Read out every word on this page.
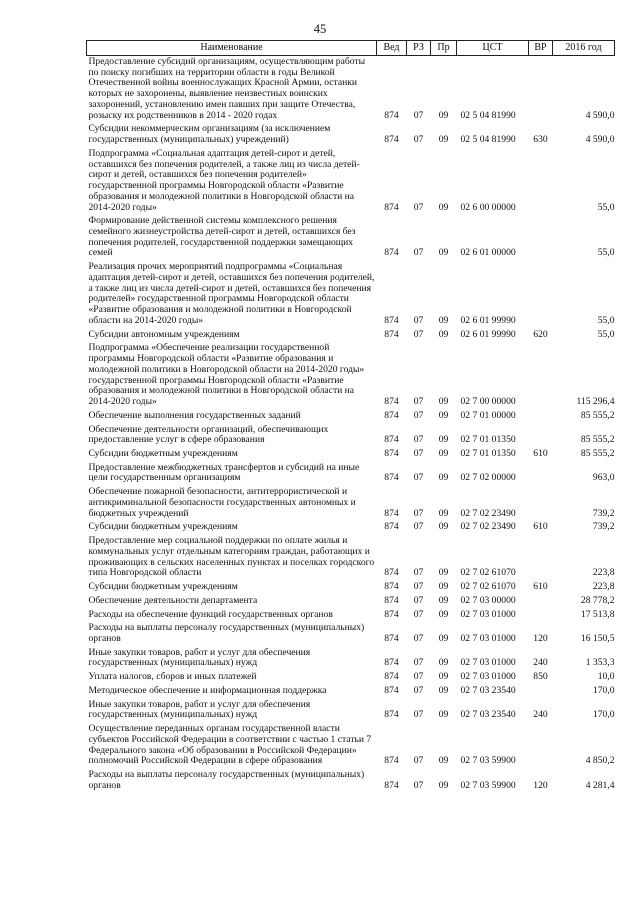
45
Наименование	Вед	РЗ	Пр	ЦСТ	ВР	2016 год
Предоставление субсидий организациям, осуществляющим работы по поиску погибших на территории области в годы Великой Отечественной войны военнослужащих Красной Армии, останки которых не захоронены, выявление неизвестных воинских захоронений, установлению имен павших при защите Отечества, розыску их родственников в 2014 - 2020 годах	874	07	09	02 5 04 81990		4 590,0
Субсидии некоммерческим организациям (за исключением государственных (муниципальных) учреждений)	874	07	09	02 5 04 81990	630	4 590,0
Подпрограмма «Социальная адаптация детей-сирот и детей, оставшихся без попечения родителей, а также лиц из числа детей-сирот и детей, оставшихся без попечения родителей» государственной программы Новгородской области «Развитие образования и молодежной политики в Новгородской области на 2014-2020 годы»	874	07	09	02 6 00 00000		55,0
Формирование действенной системы комплексного решения семейного жизнеустройства детей-сирот и детей, оставшихся без попечения родителей, государственной поддержки замещающих семей	874	07	09	02 6 01 00000		55,0
Реализация прочих мероприятий подпрограммы «Социальная адаптация детей-сирот и детей, оставшихся без попечения родителей, а также лиц из числа детей-сирот и детей, оставшихся без попечения родителей» государственной программы Новгородской области «Развитие образования и молодежной политики в Новгородской области на 2014-2020 годы»	874	07	09	02 6 01 99990		55,0
Субсидии автономным учреждениям	874	07	09	02 6 01 99990	620	55,0
Подпрограмма «Обеспечение реализации государственной программы Новгородской области «Развитие образования и молодежной политики в Новгородской области на 2014-2020 годы» государственной программы Новгородской области «Развитие образования и молодежной политики в Новгородской области на 2014-2020 годы»	874	07	09	02 7 00 00000		115 296,4
Обеспечение выполнения государственных заданий	874	07	09	02 7 01 00000		85 555,2
Обеспечение деятельности организаций, обеспечивающих предоставление услуг в сфере образования	874	07	09	02 7 01 01350		85 555,2
Субсидии бюджетным учреждениям	874	07	09	02 7 01 01350	610	85 555,2
Предоставление межбюджетных трансфертов и субсидий на иные цели государственным организациям	874	07	09	02 7 02 00000		963,0
Обеспечение пожарной безопасности, антитеррористической и антикриминальной безопасности государственных автономных и бюджетных учреждений	874	07	09	02 7 02 23490		739,2
Субсидии бюджетным учреждениям	874	07	09	02 7 02 23490	610	739,2
Предоставление мер социальной поддержки по оплате жилья и коммунальных услуг отдельным категориям граждан, работающих и проживающих в сельских населенных пунктах и поселках городского типа Новгородской области	874	07	09	02 7 02 61070		223,8
Субсидии бюджетным учреждениям	874	07	09	02 7 02 61070	610	223,8
Обеспечение деятельности департамента	874	07	09	02 7 03 00000		28 778,2
Расходы на обеспечение функций государственных органов	874	07	09	02 7 03 01000		17 513,8
Расходы на выплаты персоналу государственных (муниципальных) органов	874	07	09	02 7 03 01000	120	16 150,5
Иные закупки товаров, работ и услуг для обеспечения государственных (муниципальных) нужд	874	07	09	02 7 03 01000	240	1 353,3
Уплата налогов, сборов и иных платежей	874	07	09	02 7 03 01000	850	10,0
Методическое обеспечение и информационная поддержка	874	07	09	02 7 03 23540		170,0
Иные закупки товаров, работ и услуг для обеспечения государственных (муниципальных) нужд	874	07	09	02 7 03 23540	240	170,0
Осуществление переданных органам государственной власти субъектов Российской Федерации в соответствии с частью 1 статьи 7 Федерального закона «Об образовании в Российской Федерации» полномочий Российской Федерации в сфере образования	874	07	09	02 7 03 59900		4 850,2
Расходы на выплаты персоналу государственных (муниципальных) органов	874	07	09	02 7 03 59900	120	4 281,4
